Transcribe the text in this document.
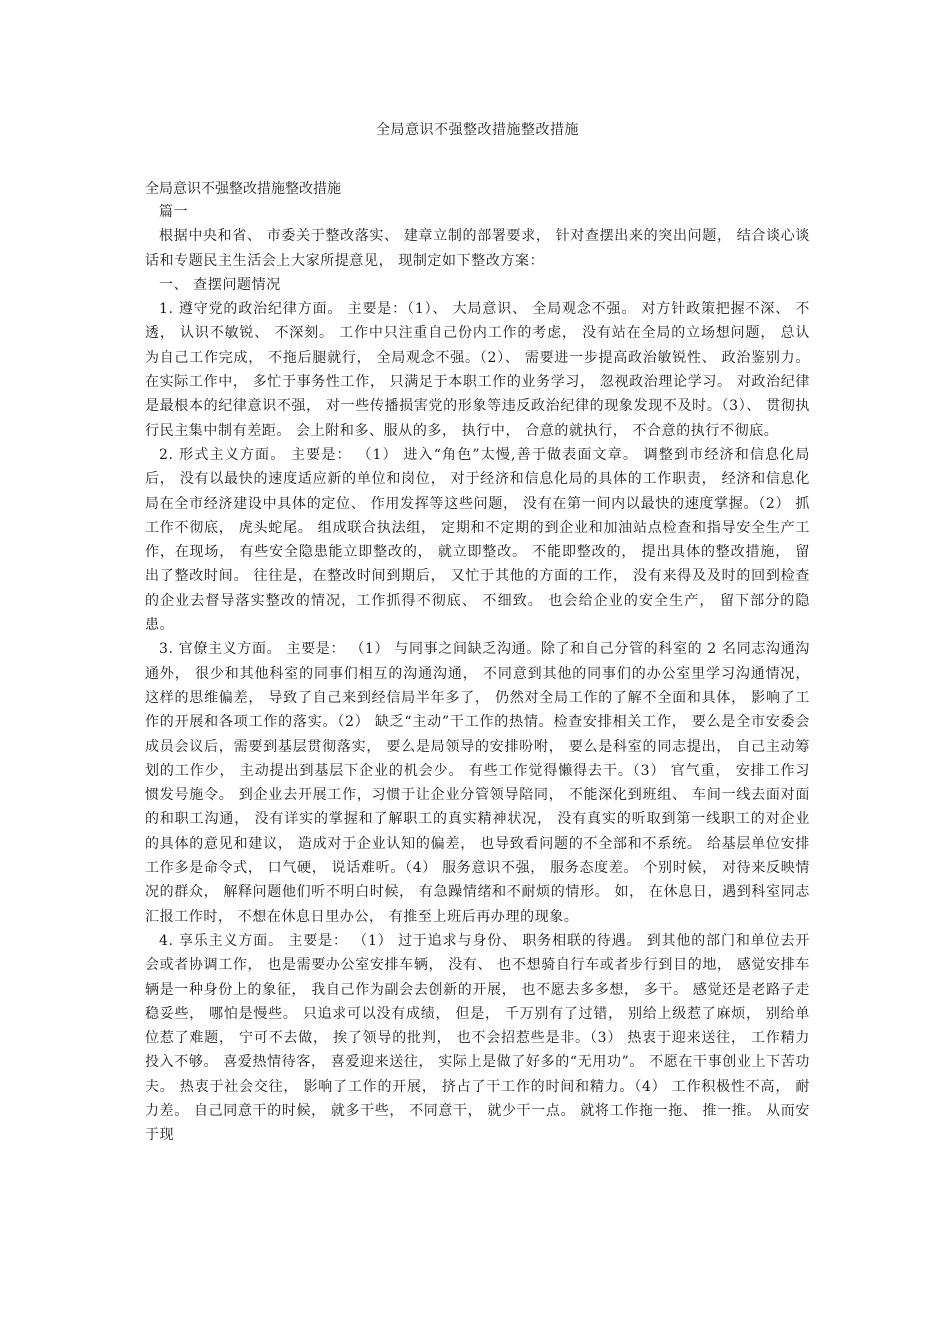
全局意识不强整改措施整改措施
全局意识不强整改措施整改措施

篇一

根据中央和省、 市委关于整改落实、 建章立制的部署要求， 针对查摆出来的突出问题， 结合谈心谈话和专题民主生活会上大家所提意见， 现制定如下整改方案：

一、 查摆问题情况

1. 遵守党的政治纪律方面。 主要是：（1）、 大局意识、 全局观念不强。 对方针政策把握不深、 不透， 认识不敏锐、 不深刻。 工作中只注重自己份内工作的考虑， 没有站在全局的立场想问题， 总认为自己工作完成， 不拖后腿就行， 全局观念不强。（2）、 需要进一步提高政治敏锐性、 政治鉴别力。在实际工作中， 多忙于事务性工作， 只满足于本职工作的业务学习， 忽视政治理论学习。 对政治纪律是最根本的纪律意识不强， 对一些传播损害党的形象等违反政治纪律的现象发现不及时。（3）、 贯彻执行民主集中制有差距。 会上附和多、服从的多， 执行中， 合意的就执行， 不合意的执行不彻底。

2. 形式主义方面。 主要是： （1） 进入“角色”太慢,善于做表面文章。 调整到市经济和信息化局后， 没有以最快的速度适应新的单位和岗位， 对于经济和信息化局的具体的工作职责， 经济和信息化局在全市经济建设中具体的定位、 作用发挥等这些问题， 没有在第一间内以最快的速度掌握。（2） 抓工作不彻底， 虎头蛇尾。 组成联合执法组， 定期和不定期的到企业和加油站点检查和指导安全生产工作，在现场， 有些安全隐患能立即整改的， 就立即整改。 不能即整改的， 提出具体的整改措施， 留出了整改时间。 往往是，在整改时间到期后， 又忙于其他的方面的工作， 没有来得及及时的回到检查的企业去督导落实整改的情况，工作抓得不彻底、 不细致。 也会给企业的安全生产， 留下部分的隐患。

3. 官僚主义方面。 主要是： （1） 与同事之间缺乏沟通。除了和自己分管的科室的 2 名同志沟通沟通外， 很少和其他科室的同事们相互的沟通沟通， 不同意到其他的同事们的办公室里学习沟通情况， 这样的思维偏差， 导致了自己来到经信局半年多了， 仍然对全局工作的了解不全面和具体， 影响了工作的开展和各项工作的落实。（2） 缺乏“主动”干工作的热情。检查安排相关工作， 要么是全市安委会成员会议后，需要到基层贯彻落实， 要么是局领导的安排吩咐， 要么是科室的同志提出， 自己主动筹划的工作少， 主动提出到基层下企业的机会少。 有些工作觉得懒得去干。（3） 官气重， 安排工作习惯发号施令。 到企业去开展工作，习惯于让企业分管领导陪同， 不能深化到班组、 车间一线去面对面的和职工沟通， 没有详实的掌握和了解职工的真实精神状况， 没有真实的听取到第一线职工的对企业的具体的意见和建议， 造成对于企业认知的偏差， 也导致看问题的不全部和不系统。 给基层单位安排工作多是命令式， 口气硬， 说话难听。（4） 服务意识不强， 服务态度差。 个别时候， 对待来反映情况的群众， 解释问题他们听不明白时候， 有急躁情绪和不耐烦的情形。 如， 在休息日，遇到科室同志汇报工作时， 不想在休息日里办公， 有推至上班后再办理的现象。

4. 享乐主义方面。 主要是： （1） 过于追求与身份、 职务相联的待遇。 到其他的部门和单位去开会或者协调工作， 也是需要办公室安排车辆， 没有、 也不想骑自行车或者步行到目的地， 感觉安排车辆是一种身份上的象征， 我自己作为副会去创新的开展， 也不愿去多多想， 多干。 感觉还是老路子走稳妥些， 哪怕是慢些。 只追求可以没有成绩， 但是， 千万别有了过错， 别给上级惹了麻烦， 别给单位惹了难题， 宁可不去做， 挨了领导的批判， 也不会招惹些是非。（3） 热衷于迎来送往， 工作精力投入不够。 喜爱热情待客， 喜爱迎来送往， 实际上是做了好多的“无用功”。 不愿在干事创业上下苦功夫。 热衷于社会交往， 影响了工作的开展， 挤占了干工作的时间和精力。（4） 工作积极性不高， 耐力差。 自己同意干的时候， 就多干些， 不同意干， 就少干一点。 就将工作拖一拖、 推一推。 从而安于现
